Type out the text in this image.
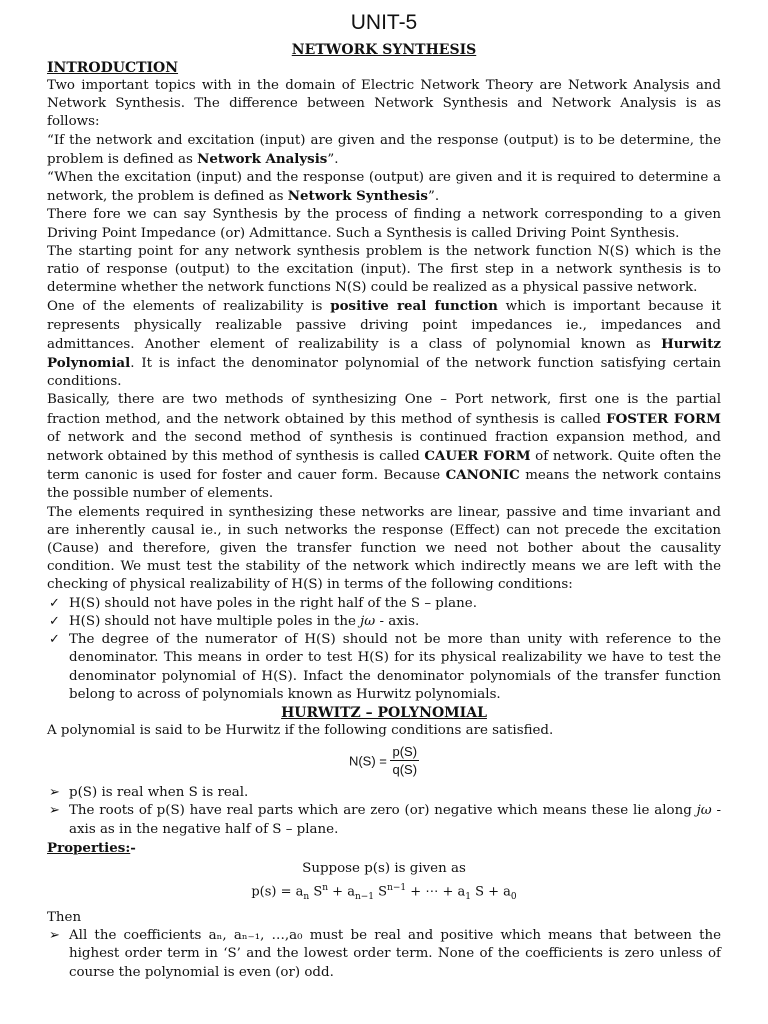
UNIT-5
NETWORK SYNTHESIS
INTRODUCTION

Two important topics with in the domain of Electric Network Theory are Network Analysis and Network Synthesis. The difference between Network Synthesis and Network Analysis is as follows:

“If the network and excitation (input) are given and the response (output) is to be determine, the problem is defined as Network Analysis”.

“When the excitation (input) and the response (output) are given and it is required to determine a network, the problem is defined as Network Synthesis”.

There fore we can say Synthesis by the process of finding a network corresponding to a given Driving Point Impedance (or) Admittance. Such a Synthesis is called Driving Point Synthesis.

The starting point for any network synthesis problem is the network function N(S) which is the ratio of response (output) to the excitation (input). The first step in a network synthesis is to determine whether the network functions N(S) could be realized as a physical passive network.

One of the elements of realizability is positive real function which is important because it represents physically realizable passive driving point impedances ie., impedances and admittances. Another element of realizability is a class of polynomial known as Hurwitz Polynomial. It is infact the denominator polynomial of the network function satisfying certain conditions.

Basically, there are two methods of synthesizing One – Port network, first one is the partial fraction method, and the network obtained by this method of synthesis is called FOSTER FORM of network and the second method of synthesis is continued fraction expansion method, and network obtained by this method of synthesis is called CAUER FORM of network. Quite often the term canonic is used for foster and cauer form. Because CANONIC means the network contains the possible number of elements.

The elements required in synthesizing these networks are linear, passive and time invariant and are inherently causal ie., in such networks the response (Effect) can not precede the excitation (Cause) and therefore, given the transfer function we need not bother about the causality condition. We must test the stability of the network which indirectly means we are left with the checking of physical realizability of H(S) in terms of the following conditions:

✓ H(S) should not have poles in the right half of the S – plane.
✓ H(S) should not have multiple poles in the jω - axis.
✓ The degree of the numerator of H(S) should not be more than unity with reference to the denominator. This means in order to test H(S) for its physical realizability we have to test the denominator polynomial of H(S). Infact the denominator polynomials of the transfer function belong to across of polynomials known as Hurwitz polynomials.
HURWITZ – POLYNOMIAL

A polynomial is said to be Hurwitz if the following conditions are satisfied.

$N(S) = \frac{p(S)}{q(S)}$
➢ p(S) is real when S is real.
➢ The roots of p(S) have real parts which are zero (or) negative which means these lie along jω - axis as in the negative half of S – plane.

Properties:-

Suppose p(s) is given as

$p(s) = a_n$ $S^n + a_{n-1}$ $S^{n-1}$ + ⋯ + $a_1$ $S + a_0$

Then

➢ All the coefficients aₙ, aₙ₋₁, …,a₀ must be real and positive which means that between the highest order term in ‘S’ and the lowest order term. None of the coefficients is zero unless of course the polynomial is even (or) odd.
